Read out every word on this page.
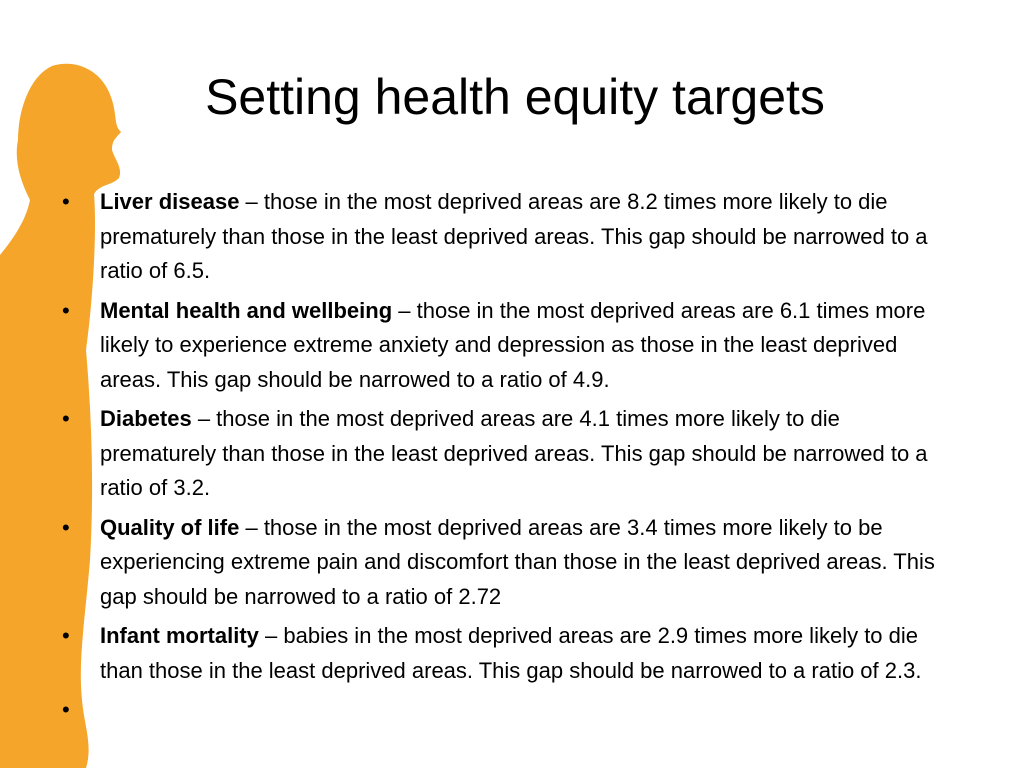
Setting health equity targets
• Liver disease – those in the most deprived areas are 8.2 times more likely to die prematurely than those in the least deprived areas. This gap should be narrowed to a ratio of 6.5.
• Mental health and wellbeing – those in the most deprived areas are 6.1 times more likely to experience extreme anxiety and depression as those in the least deprived areas. This gap should be narrowed to a ratio of 4.9.
• Diabetes – those in the most deprived areas are 4.1 times more likely to die prematurely than those in the least deprived areas. This gap should be narrowed to a ratio of 3.2.
• Quality of life – those in the most deprived areas are 3.4 times more likely to be experiencing extreme pain and discomfort than those in the least deprived areas. This gap should be narrowed to a ratio of 2.72
• Infant mortality – babies in the most deprived areas are 2.9 times more likely to die than those in the least deprived areas. This gap should be narrowed to a ratio of 2.3.
•
